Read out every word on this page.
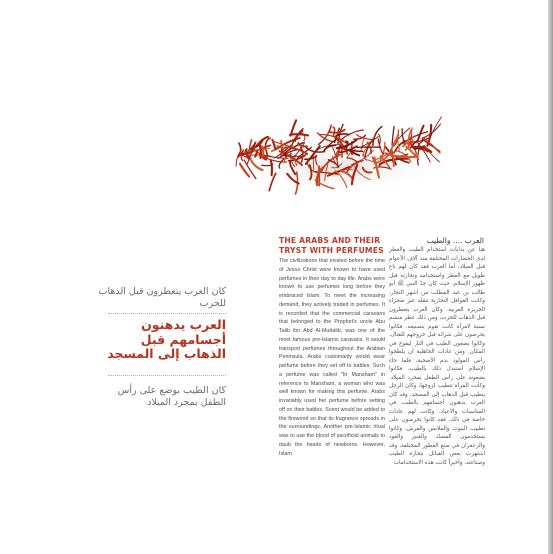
كان العرب يتعطرون قبل الذهاب للحرب
العرب يدهنون أجسامهم قبل الذهاب إلى المسجد
كان الطيب يوضع على رأس الطفل بمجرد الميلاد
THE ARABS AND THEIR TRYST WITH PERFUMES
The civilizations that existed before the time of Jesus Christ were known to have used perfumes in their day to day life. Arabs were known to use perfumes long before they embraced Islam. To meet the increasing demand, they actively traded in perfumes. It is recorded that the commercial caravans that belonged to the Prophet's uncle Abu Talib ibn Abd Al-Muttalib, was one of the most famous pre-Islamic caravans. It would transport perfumes throughout the Arabian Peninsula. Arabs customarily would wear perfume before they set off to battles. Such a perfume was called "Itr Mansham" in reference to Mansham, a woman who was well known for making this perfume. Arabs invariably used her perfume before setting off on their battles. Scent would be added to the firewood so that its fragrance spreads in the surroundings. Another pre-Islamic ritual was to use the blood of sacrificial animals to daub the heads of newborns. However, Islam
العرب .... والطيب
هنا عن بدايات استخدام الطيب والعطر لدى الحضارات المختلفة منذ آلاف الأعوام قبل الميلاد، أما العرب فقد كان لهم باع طويل مع العطر واستخدامه وتجارته قبل ظهور الإسلام، حيث كان جدّ النبي ﷺ أبو طالب بن عبد المطلب من أشهر التجار، وكانت القوافل التجارية تنقله عبر صحراء الجزيرة العربية. وكان العرب يتعطرون قبل الذهاب للحرب، ومن ذلك عطر منشم نسبة لامرأة كانت تقوم بتصنيعه. فكانوا يحرصون على شرائه قبل خروجهم للقتال، وكانوا يضعون الطيب في النار ليفوح في المكان. ومن عادات الجاهلية أن يلطخوا رأس المولود بدم الأضحية، فلما جاء الإسلام استبدل ذلك بالطيب، فكانوا يضعونه على رأس الطفل بمجرد الميلاد. وكانت المرأة تتطيب لزوجها، وكان الرجل يتطيب قبل الذهاب إلى المسجد، وقد كان العرب يدهنون أجسامهم بالطيب في المناسبات والأعياد، وكانت لهم عادات خاصة في ذلك، فقد كانوا يحرصون على تطييب البيوت والملابس والفرش، وكانوا يستخدمون المسك والعنبر والعود والزعفران في صنع العطور المختلفة، وقد اشتهرت بعض القبائل بتجارة الطيب وصناعته، وأخيراً كانت هذه الاستخدامات
